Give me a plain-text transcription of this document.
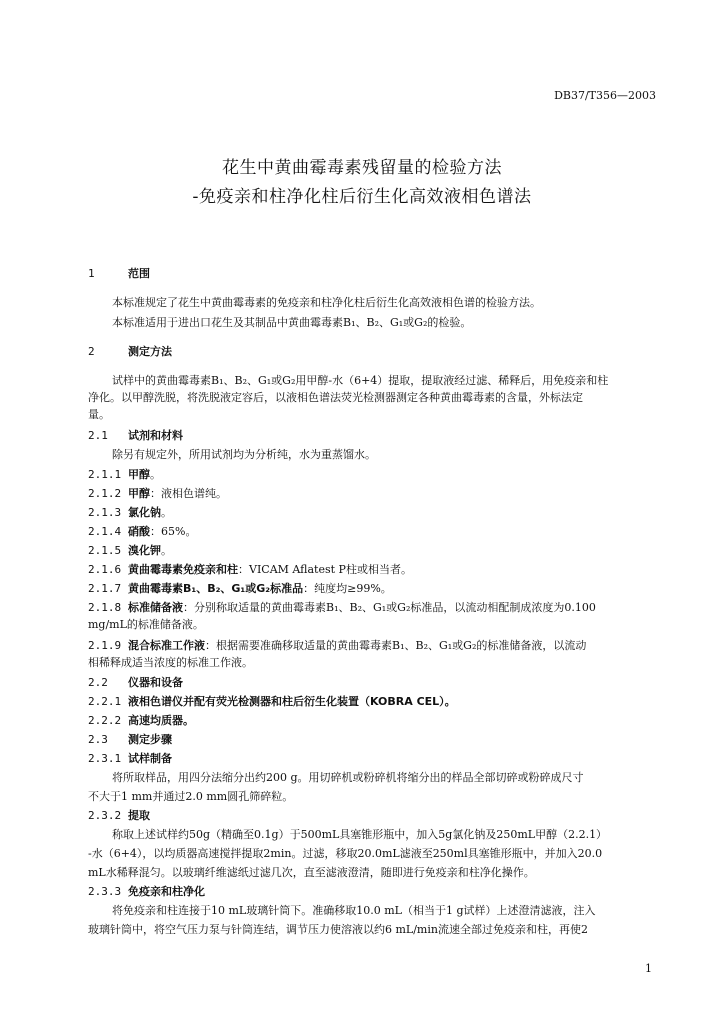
DB37/T356—2003
花生中黄曲霉毒素残留量的检验方法
-免疫亲和柱净化柱后衍生化高效液相色谱法
1	范围
本标准规定了花生中黄曲霉毒素的免疫亲和柱净化柱后衍生化高效液相色谱的检验方法。
本标准适用于进出口花生及其制品中黄曲霉毒素B₁、B₂、G₁或G₂的检验。
2	测定方法
试样中的黄曲霉毒素B₁、B₂、G₁或G₂用甲醇-水（6+4）提取，提取液经过滤、稀释后，用免疫亲和柱
净化。以甲醇洗脱，将洗脱液定容后，以液相色谱法荧光检测器测定各种黄曲霉毒素的含量，外标法定
量。
2.1 试剂和材料
除另有规定外，所用试剂均为分析纯，水为重蒸馏水。
2.1.1 甲醇。
2.1.2 甲醇：液相色谱纯。
2.1.3 氯化钠。
2.1.4 硝酸：65%。
2.1.5 溴化钾。
2.1.6 黄曲霉毒素免疫亲和柱：VICAM Aflatest P柱或相当者。
2.1.7 黄曲霉毒素B₁、B₂、G₁或G₂标准品：纯度均≥99%。
2.1.8 标准储备液：分别称取适量的黄曲霉毒素B₁、B₂、G₁或G₂标准品，以流动相配制成浓度为0.100
mg/mL的标准储备液。
2.1.9 混合标准工作液：根据需要准确移取适量的黄曲霉毒素B₁、B₂、G₁或G₂的标准储备液，以流动
相稀释成适当浓度的标准工作液。
2.2 仪器和设备
2.2.1 液相色谱仪并配有荧光检测器和柱后衍生化装置（KOBRA CEL）。
2.2.2 高速均质器。
2.3 测定步骤
2.3.1 试样制备
将所取样品，用四分法缩分出约200 g。用切碎机或粉碎机将缩分出的样品全部切碎或粉碎成尺寸
不大于1 mm并通过2.0 mm圆孔筛碎粒。
2.3.2 提取
称取上述试样约50g（精确至0.1g）于500mL具塞锥形瓶中，加入5g氯化钠及250mL甲醇（2.2.1）
-水（6+4），以均质器高速搅拌提取2min。过滤，移取20.0mL滤液至250ml具塞锥形瓶中，并加入20.0
mL水稀释混匀。以玻璃纤维滤纸过滤几次，直至滤液澄清，随即进行免疫亲和柱净化操作。
2.3.3 免疫亲和柱净化
将免疫亲和柱连接于10 mL玻璃针筒下。准确移取10.0 mL（相当于1 g试样）上述澄清滤液，注入
玻璃针筒中，将空气压力泵与针筒连结，调节压力使溶液以约6 mL/min流速全部过免疫亲和柱，再使2
1
